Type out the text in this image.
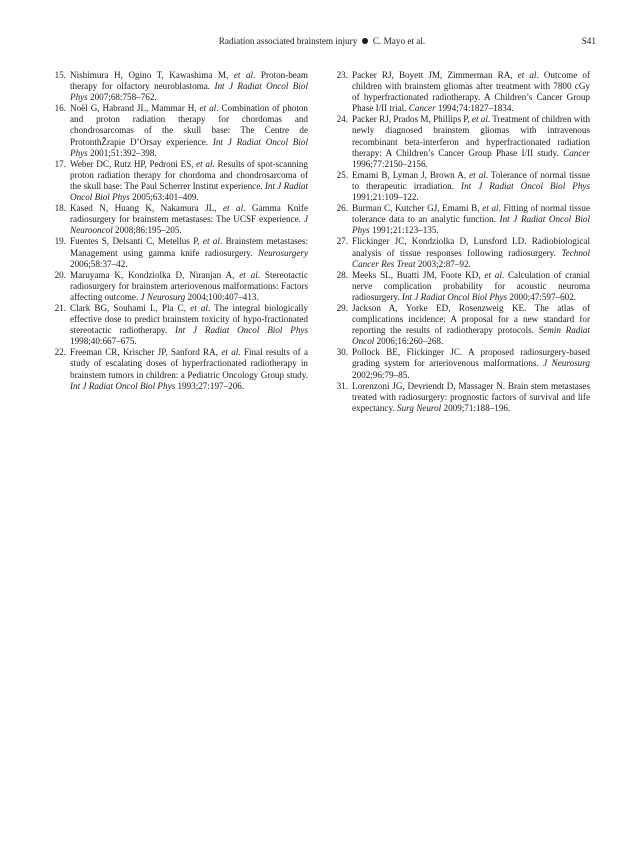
Radiation associated brainstem injury C. Mayo et al.	S41

15. Nishimura H, Ogino T, Kawashima M, et al. Proton-beam therapy for olfactory neuroblastoma. Int J Radiat Oncol Biol Phys 2007;68:758–762.

16. Noël G, Habrand JL, Mammar H, et al. Combination of photon and proton radiation therapy for chordomas and chondrosarcomas of the skull base: The Centre de ProtonthŽrapie D’Orsay experience. Int J Radiat Oncol Biol Phys 2001;51:392–398.

17. Weber DC, Rutz HP, Pedroni ES, et al. Results of spot-scanning proton radiation therapy for chordoma and chondrosarcoma of the skull base: The Paul Scherrer Institut experience. Int J Radiat Oncol Biol Phys 2005;63:401–409.

18. Kased N, Huang K, Nakamura JL, et al. Gamma Knife radiosurgery for brainstem metastases: The UCSF experience. J Neurooncol 2008;86:195–205.

19. Fuentes S, Delsanti C, Metellus P, et al. Brainstem metastases: Management using gamma knife radiosurgery. Neurosurgery 2006;58:37–42.

20. Maruyama K, Kondziolka D, Niranjan A, et al. Stereotactic radiosurgery for brainstem arteriovenous malformations: Factors affecting outcome. J Neurosurg 2004;100:407–413.

21. Clark BG, Souhami L, Pla C, et al. The integral biologically effective dose to predict brainstem toxicity of hypo-fractionated stereotactic radiotherapy. Int J Radiat Oncol Biol Phys 1998;40:667–675.

22. Freeman CR, Krischer JP, Sanford RA, et al. Final results of a study of escalating doses of hyperfractionated radiotherapy in brainstem tumors in children: a Pediatric Oncology Group study. Int J Radiat Oncol Biol Phys 1993;27:197–206.

23. Packer RJ, Boyett JM, Zimmerman RA, et al. Outcome of children with brainstem gliomas after treatment with 7800 cGy of hyperfractionated radiotherapy. A Children’s Cancer Group Phase I/II trial. Cancer 1994;74:1827–1834.

24. Packer RJ, Prados M, Phillips P, et al. Treatment of children with newly diagnosed brainstem gliomas with intravenous recombinant beta-interferon and hyperfractionated radiation therapy: A Children’s Cancer Group Phase I/II study. Cancer 1996;77:2150–2156.

25. Emami B, Lyman J, Brown A, et al. Tolerance of normal tissue to therapeutic irradiation. Int J Radiat Oncol Biol Phys 1991;21:109–122.

26. Burman C, Kutcher GJ, Emami B, et al. Fitting of normal tissue tolerance data to an analytic function. Int J Radiat Oncol Biol Phys 1991;21:123–135.

27. Flickinger JC, Kondziolka D, Lunsford LD. Radiobiological analysis of tissue responses following radiosurgery. Technol Cancer Res Treat 2003;2:87–92.

28. Meeks SL, Buatti JM, Foote KD, et al. Calculation of cranial nerve complication probability for acoustic neuroma radiosurgery. Int J Radiat Oncol Biol Phys 2000;47:597–602.

29. Jackson A, Yorke ED, Rosenzweig KE. The atlas of complications incidence: A proposal for a new standard for reporting the results of radiotherapy protocols. Semin Radiat Oncol 2006;16:260–268.

30. Pollock BE, Flickinger JC. A proposed radiosurgery-based grading system for arteriovenous malformations. J Neurosurg 2002;96:79–85.

31. Lorenzoni JG, Devriendt D, Massager N. Brain stem metastases treated with radiosurgery: prognostic factors of survival and life expectancy. Surg Neurol 2009;71:188–196.
